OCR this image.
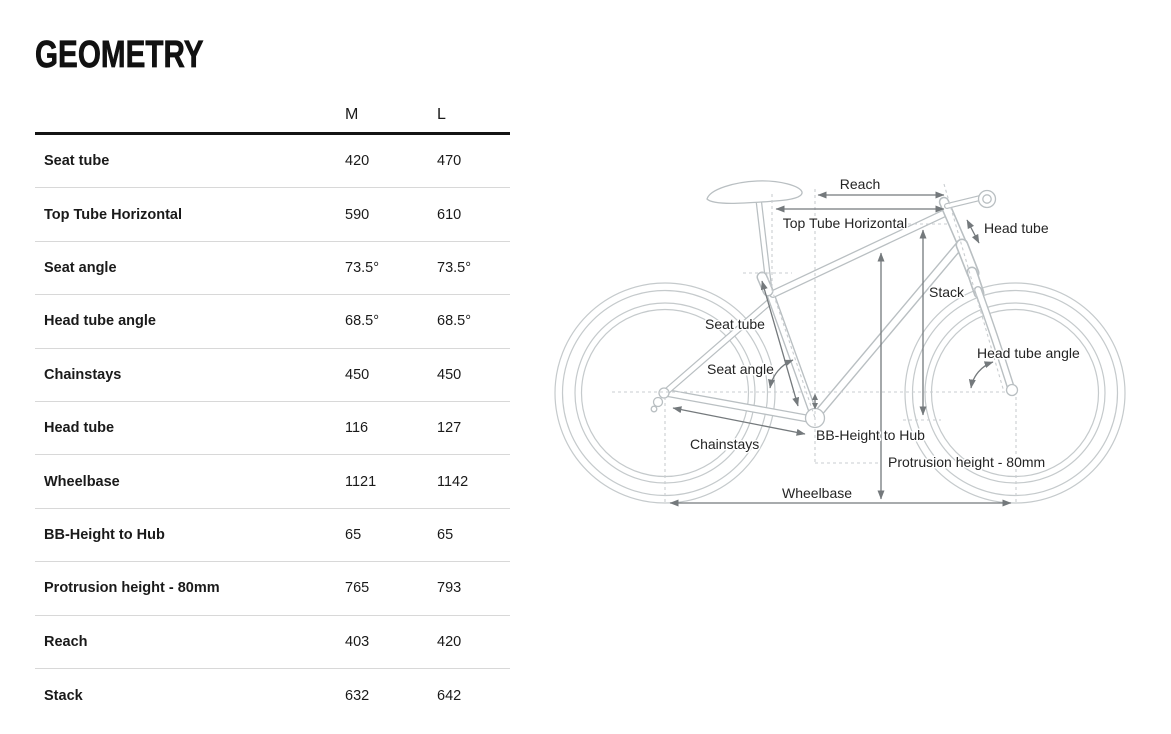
GEOMETRY
M	L
Seat tube	420	470
Top Tube Horizontal	590	610
Seat angle	73.5°	73.5°
Head tube angle	68.5°	68.5°
Chainstays	450	450
Head tube	116	127
Wheelbase	1121	1142
BB-Height to Hub	65	65
Protrusion height - 80mm	765	793
Reach	403	420
Stack	632	642
Reach
Top Tube Horizontal	Head tube
Stack
Seat tube
Seat angle
Head tube angle
BB-Height to Hub
Chainstays
Protrusion height - 80mm
Wheelbase
